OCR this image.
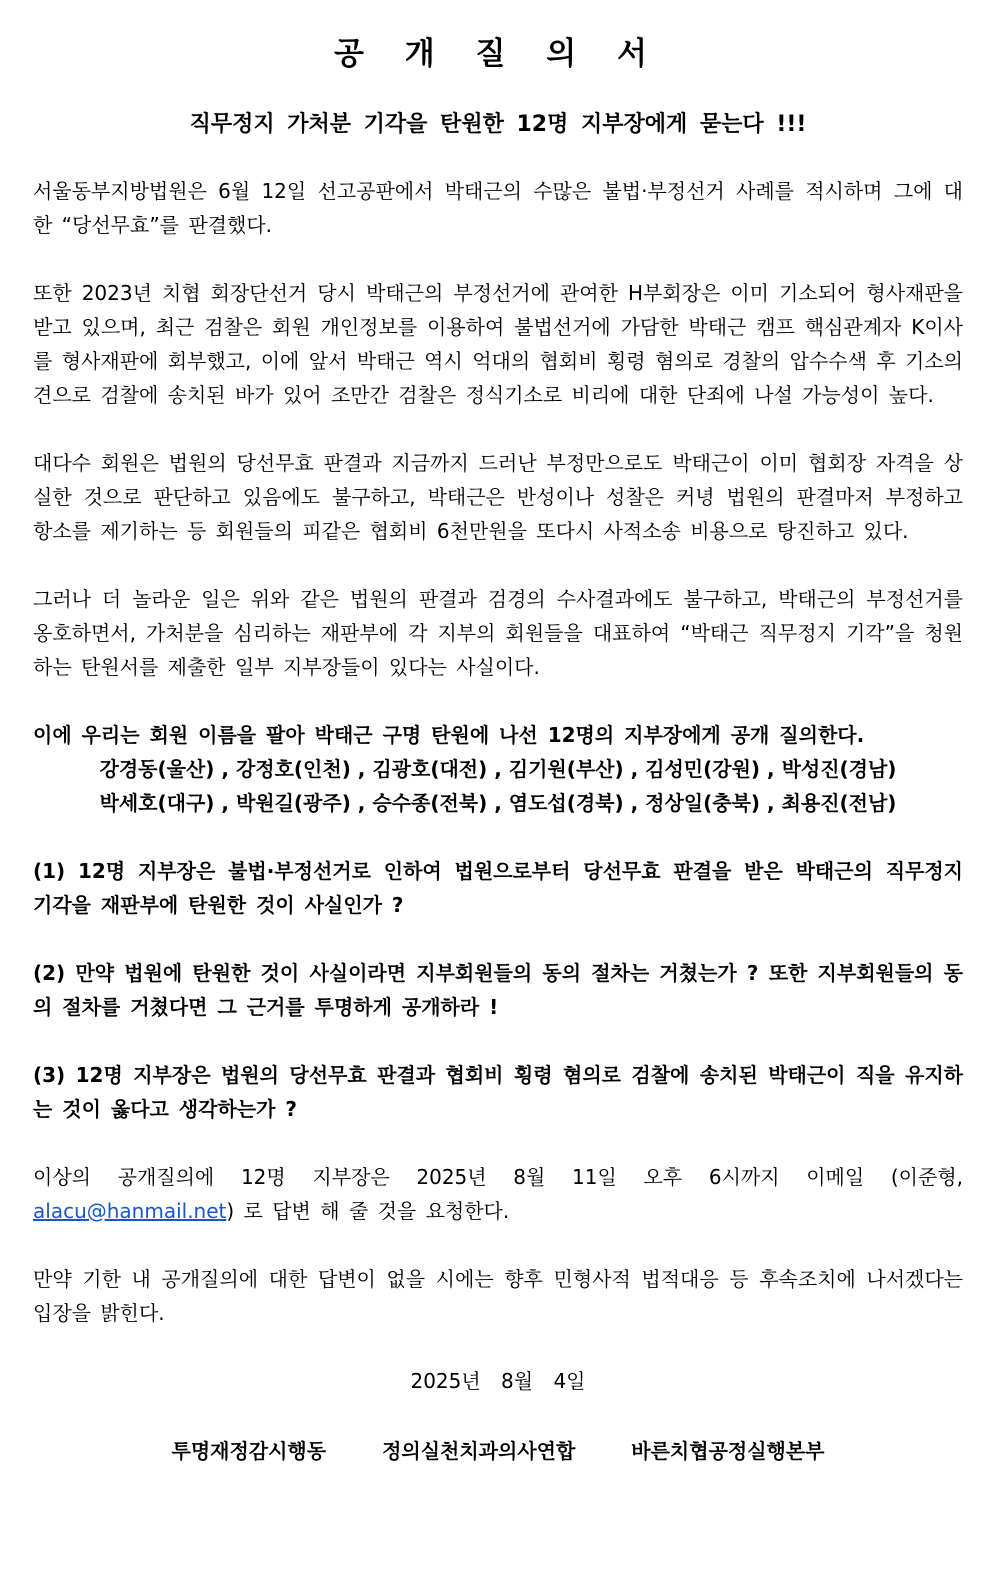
공 개 질 의 서
직무정지 가처분 기각을 탄원한 12명 지부장에게 묻는다 !!!

서울동부지방법원은 6월 12일 선고공판에서 박태근의 수많은 불법·부정선거 사례를 적시하며 그에 대한 “당선무효”를 판결했다.

또한 2023년 치협 회장단선거 당시 박태근의 부정선거에 관여한 H부회장은 이미 기소되어 형사재판을 받고 있으며, 최근 검찰은 회원 개인정보를 이용하여 불법선거에 가담한 박태근 캠프 핵심관계자 K이사를 형사재판에 회부했고, 이에 앞서 박태근 역시 억대의 협회비 횡령 혐의로 경찰의 압수수색 후 기소의견으로 검찰에 송치된 바가 있어 조만간 검찰은 정식기소로 비리에 대한 단죄에 나설 가능성이 높다.

대다수 회원은 법원의 당선무효 판결과 지금까지 드러난 부정만으로도 박태근이 이미 협회장 자격을 상실한 것으로 판단하고 있음에도 불구하고, 박태근은 반성이나 성찰은 커녕 법원의 판결마저 부정하고 항소를 제기하는 등 회원들의 피같은 협회비 6천만원을 또다시 사적소송 비용으로 탕진하고 있다.

그러나 더 놀라운 일은 위와 같은 법원의 판결과 검경의 수사결과에도 불구하고, 박태근의 부정선거를 옹호하면서, 가처분을 심리하는 재판부에 각 지부의 회원들을 대표하여 “박태근 직무정지 기각”을 청원하는 탄원서를 제출한 일부 지부장들이 있다는 사실이다.

이에 우리는 회원 이름을 팔아 박태근 구명 탄원에 나선 12명의 지부장에게 공개 질의한다.

강경동(울산) , 강정호(인천) , 김광호(대전) , 김기원(부산) , 김성민(강원) , 박성진(경남)

박세호(대구) , 박원길(광주) , 승수종(전북) , 염도섭(경북) , 정상일(충북) , 최용진(전남)

(1) 12명 지부장은 불법·부정선거로 인하여 법원으로부터 당선무효 판결을 받은 박태근의 직무정지 기각을 재판부에 탄원한 것이 사실인가 ?

(2) 만약 법원에 탄원한 것이 사실이라면 지부회원들의 동의 절차는 거쳤는가 ? 또한 지부회원들의 동의 절차를 거쳤다면 그 근거를 투명하게 공개하라 !

(3) 12명 지부장은 법원의 당선무효 판결과 협회비 횡령 혐의로 검찰에 송치된 박태근이 직을 유지하는 것이 옳다고 생각하는가 ?

이상의 공개질의에 12명 지부장은 2025년 8월 11일 오후 6시까지 이메일 (이준형, alacu@hanmail.net) 로 답변 해 줄 것을 요청한다.

만약 기한 내 공개질의에 대한 답변이 없을 시에는 향후 민형사적 법적대응 등 후속조치에 나서겠다는 입장을 밝힌다.

2025년 8월 4일
투명재정감시행동	정의실천치과의사연합	바른치협공정실행본부
